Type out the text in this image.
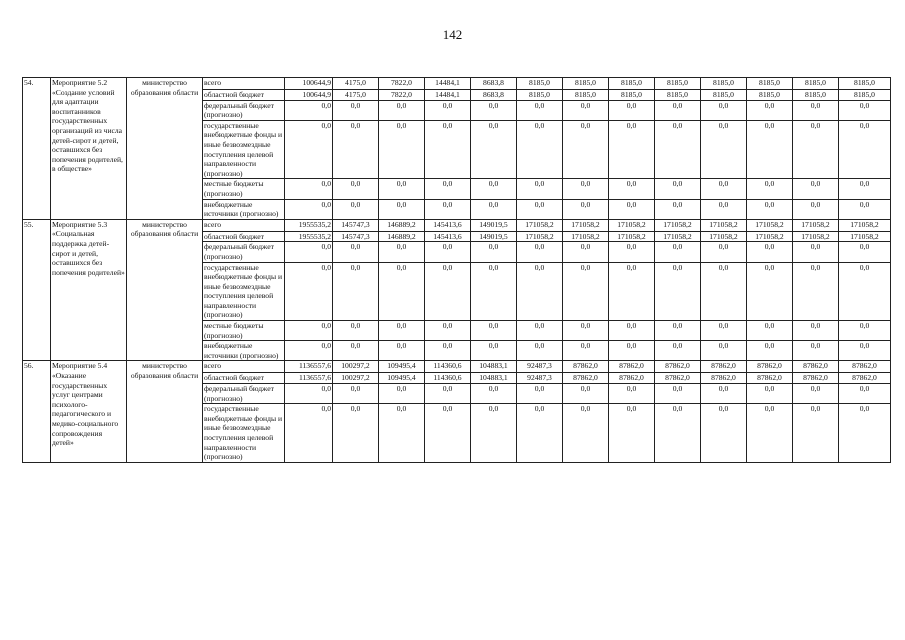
142
54.	Мероприятие 5.2 «Создание условий для адаптации воспитанников государственных организаций из числа детей-сирот и детей, оставшихся без попечения родителей, в обществе»	министерство образования области	всего	100644,9	4175,0	7822,0	14484,1	8683,8	8185,0	8185,0	8185,0	8185,0	8185,0	8185,0	8185,0	8185,0
			областной бюджет	100644,9	4175,0	7822,0	14484,1	8683,8	8185,0	8185,0	8185,0	8185,0	8185,0	8185,0	8185,0	8185,0
			федеральный бюджет (прогнозно)	0,0	0,0	0,0	0,0	0,0	0,0	0,0	0,0	0,0	0,0	0,0	0,0	0,0
			государственные внебюджетные фонды и иные безвозмездные поступления целевой направленности (прогнозно)	0,0	0,0	0,0	0,0	0,0	0,0	0,0	0,0	0,0	0,0	0,0	0,0	0,0
			местные бюджеты (прогнозно)	0,0	0,0	0,0	0,0	0,0	0,0	0,0	0,0	0,0	0,0	0,0	0,0	0,0
			внебюджетные источники (прогнозно)	0,0	0,0	0,0	0,0	0,0	0,0	0,0	0,0	0,0	0,0	0,0	0,0	0,0
55.	Мероприятие 5.3 «Социальная поддержка детей-сирот и детей, оставшихся без попечения родителей»	министерство образования области	всего	1955535,2	145747,3	146889,2	145413,6	149019,5	171058,2	171058,2	171058,2	171058,2	171058,2	171058,2	171058,2	171058,2
			областной бюджет	1955535,2	145747,3	146889,2	145413,6	149019,5	171058,2	171058,2	171058,2	171058,2	171058,2	171058,2	171058,2	171058,2
			федеральный бюджет (прогнозно)	0,0	0,0	0,0	0,0	0,0	0,0	0,0	0,0	0,0	0,0	0,0	0,0	0,0
			государственные внебюджетные фонды и иные безвозмездные поступления целевой направленности (прогнозно)	0,0	0,0	0,0	0,0	0,0	0,0	0,0	0,0	0,0	0,0	0,0	0,0	0,0
			местные бюджеты (прогнозно)	0,0	0,0	0,0	0,0	0,0	0,0	0,0	0,0	0,0	0,0	0,0	0,0	0,0
			внебюджетные источники (прогнозно)	0,0	0,0	0,0	0,0	0,0	0,0	0,0	0,0	0,0	0,0	0,0	0,0	0,0
56.	Мероприятие 5.4 «Оказание государственных услуг центрами психолого-педагогического и медико-социального сопровождения детей»	министерство образования области	всего	1136557,6	100297,2	109495,4	114360,6	104883,1	92487,3	87862,0	87862,0	87862,0	87862,0	87862,0	87862,0	87862,0
			областной бюджет	1136557,6	100297,2	109495,4	114360,6	104883,1	92487,3	87862,0	87862,0	87862,0	87862,0	87862,0	87862,0	87862,0
			федеральный бюджет (прогнозно)	0,0	0,0	0,0	0,0	0,0	0,0	0,0	0,0	0,0	0,0	0,0	0,0	0,0
			государственные внебюджетные фонды и иные безвозмездные поступления целевой направленности (прогнозно)	0,0	0,0	0,0	0,0	0,0	0,0	0,0	0,0	0,0	0,0	0,0	0,0	0,0
